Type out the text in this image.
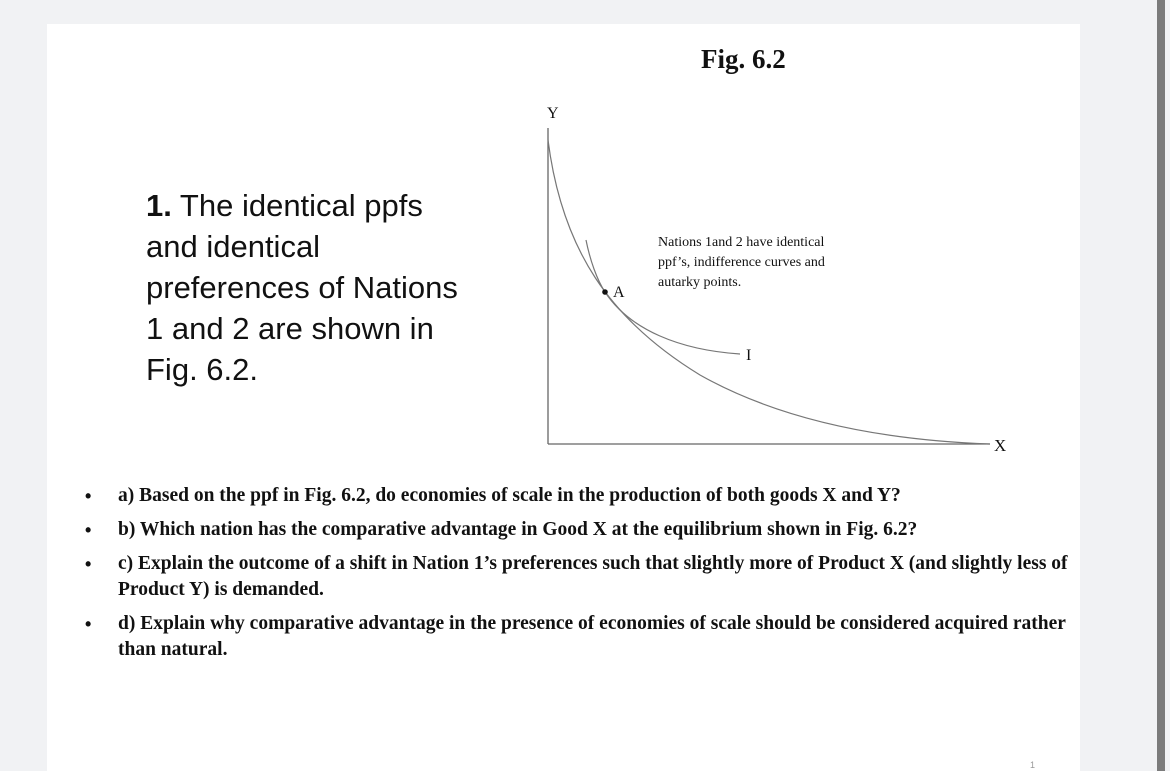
Fig. 6.2
1. The identical ppfs and identical preferences of Nations 1 and 2 are shown in Fig. 6.2.
Y
X
A
I
Nations 1and 2 have identical ppf’s, indifference curves and autarky points.
• a) Based on the ppf in Fig. 6.2, do economies of scale in the production of both goods X and Y?
• b) Which nation has the comparative advantage in Good X at the equilibrium shown in Fig. 6.2?
• c) Explain the outcome of a shift in Nation 1’s preferences such that slightly more of Product X (and slightly less of Product Y) is demanded.
• d) Explain why comparative advantage in the presence of economies of scale should be considered acquired rather than natural.
1
